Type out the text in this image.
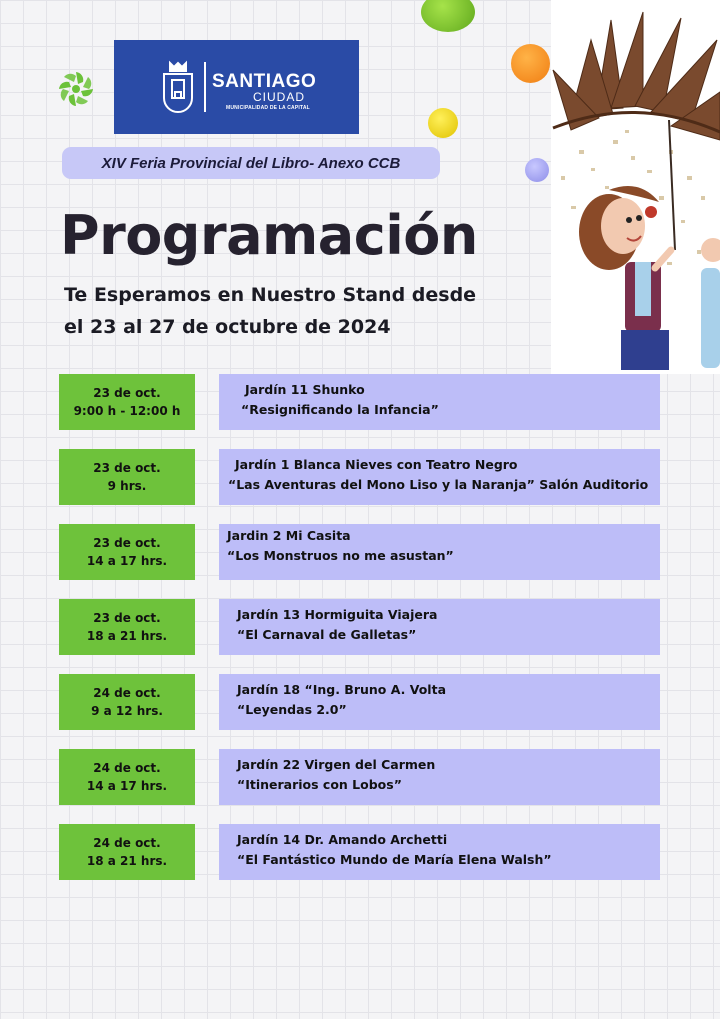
SANTIAGO
CIUDAD
MUNICIPALIDAD DE LA CAPITAL
XIV Feria Provincial del Libro- Anexo CCB
Programación
Te Esperamos en Nuestro Stand desde
el 23 al 27 de octubre de 2024
23 de oct.
9:00 h - 12:00 h
Jardín 11 Shunko
“Resignificando la Infancia”
23 de oct.
9 hrs.
Jardín 1 Blanca Nieves con Teatro Negro
“Las Aventuras del Mono Liso y la Naranja” Salón Auditorio
23 de oct.
14 a 17 hrs.
Jardin 2 Mi Casita
“Los Monstruos no me asustan”
23 de oct.
18 a 21 hrs.
Jardín 13 Hormiguita Viajera
“El Carnaval de Galletas”
24 de oct.
9 a 12 hrs.
Jardín 18 “Ing. Bruno A. Volta
“Leyendas 2.0”
24 de oct.
14 a 17 hrs.
Jardín 22 Virgen del Carmen
“Itinerarios con Lobos”
24 de oct.
18 a 21 hrs.
Jardín 14 Dr. Amando Archetti
“El Fantástico Mundo de María Elena Walsh”
